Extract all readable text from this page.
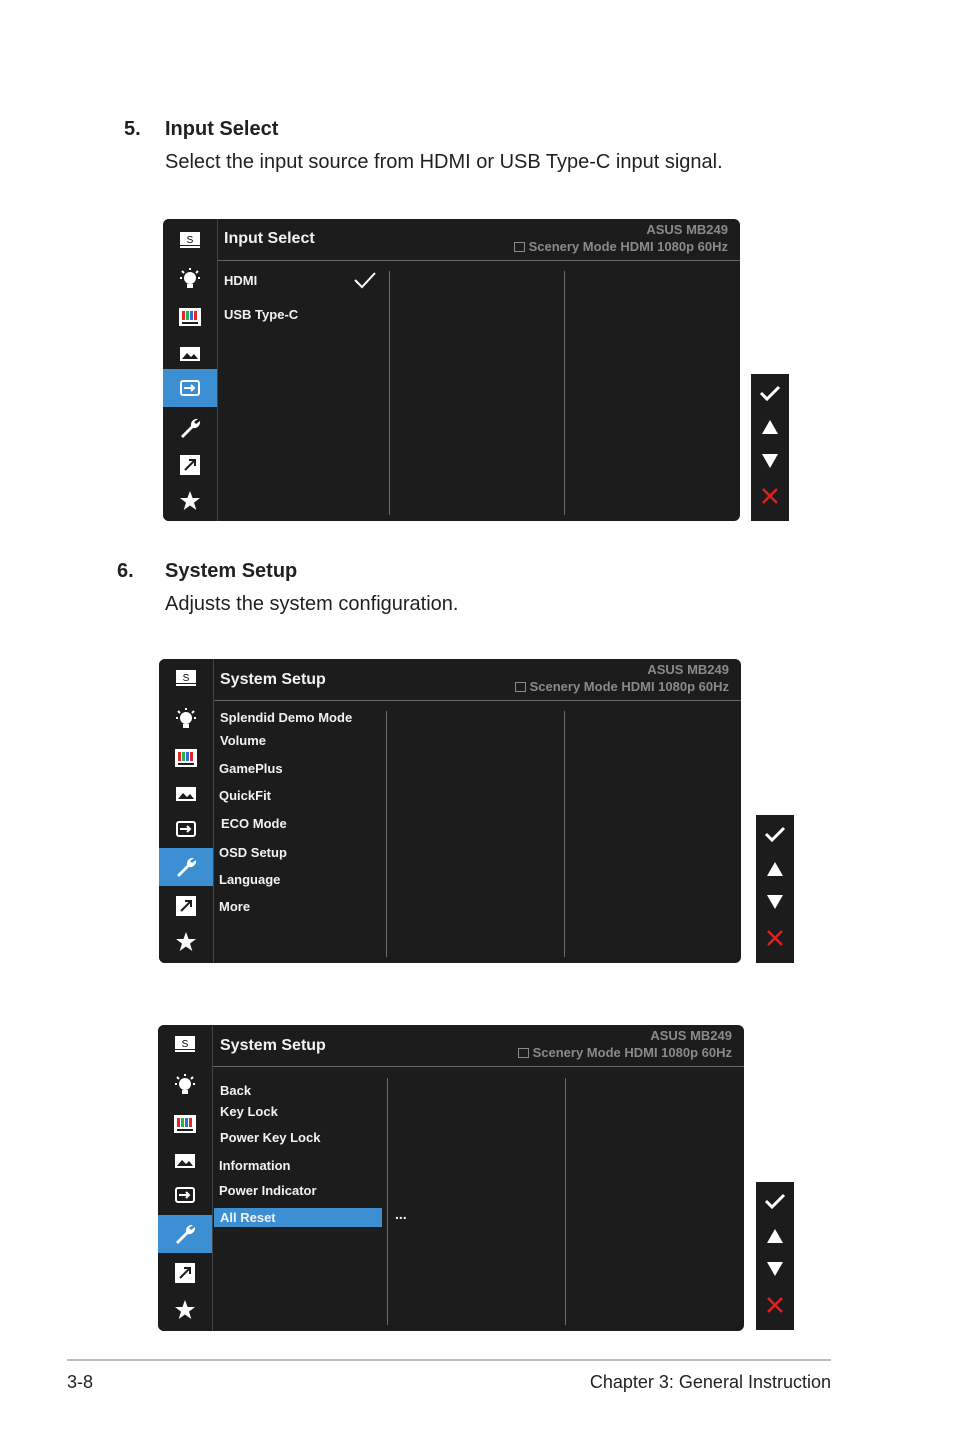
5. Input Select
Select the input source from HDMI or USB Type-C input signal.
S Input Select
ASUS MB249
Scenery Mode HDMI 1080p 60Hz
HDMI
USB Type-C
6. System Setup
Adjusts the system configuration.
S System Setup
ASUS MB249
Scenery Mode HDMI 1080p 60Hz
Splendid Demo Mode
Volume
GamePlus
QuickFit
ECO Mode
OSD Setup
Language
More
S System Setup
ASUS MB249
Scenery Mode HDMI 1080p 60Hz
Back
Key Lock
Power Key Lock
Information
Power Indicator
All Reset	...
3-8	Chapter 3: General Instruction
